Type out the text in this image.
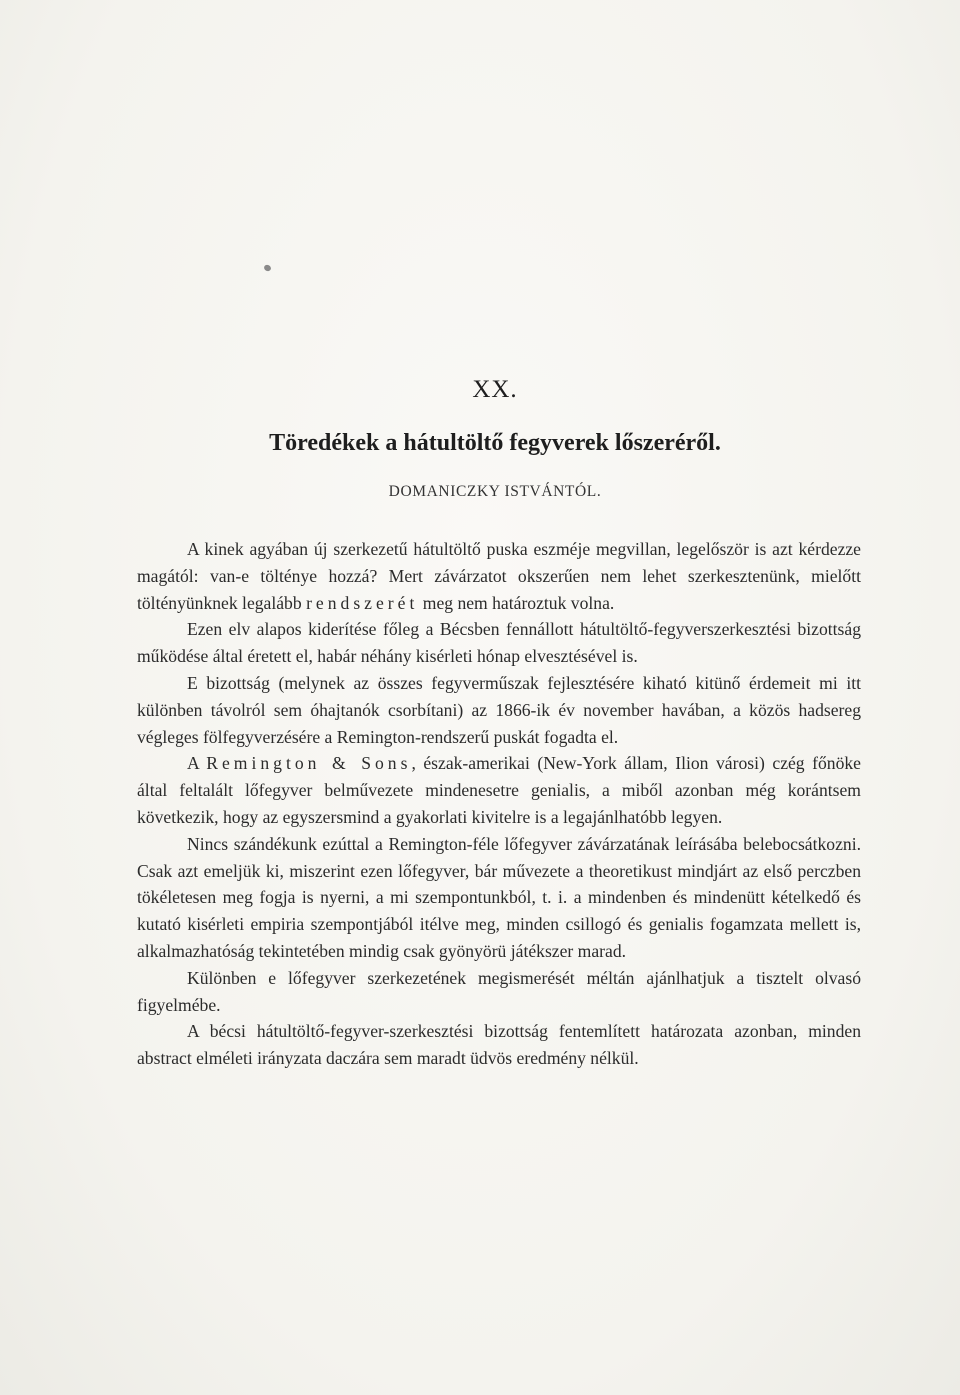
XX.
Töredékek a hátultöltő fegyverek lőszeréről.
DOMANICZKY ISTVÁNTÓL.

A kinek agyában új szerkezetű hátultöltő puska eszméje megvillan, legelőször is azt kérdezze magától: van-e tölténye hozzá? Mert závárzatot okszerűen nem lehet szerkesztenünk, mielőtt töltényünknek legalább rendszerét meg nem határoztuk volna.

Ezen elv alapos kiderítése főleg a Bécsben fennállott hátultöltő-fegyverszerkesztési bizottság működése által éretett el, habár néhány kisérleti hónap elvesztésével is.

E bizottság (melynek az összes fegyverműszak fejlesztésére kiható kitünő érdemeit mi itt különben távolról sem óhajtanók csorbítani) az 1866-ik év november havában, a közös hadsereg végleges fölfegyverzésére a Remington-rendszerű puskát fogadta el.

A Remington & Sons, észak-amerikai (New-York állam, Ilion városi) czég főnöke által feltalált lőfegyver belművezete mindenesetre genialis, a miből azonban még korántsem következik, hogy az egyszersmind a gyakorlati kivitelre is a legajánlhatóbb legyen.

Nincs szándékunk ezúttal a Remington-féle lőfegyver závárzatának leírásába belebocsátkozni. Csak azt emeljük ki, miszerint ezen lőfegyver, bár művezete a theoretikust mindjárt az első perczben tökéletesen meg fogja is nyerni, a mi szempontunkból, t. i. a mindenben és mindenütt kételkedő és kutató kisérleti empiria szempontjából itélve meg, minden csillogó és genialis fogamzata mellett is, alkalmazhatóság tekintetében mindig csak gyönyörü játékszer marad.

Különben e lőfegyver szerkezetének megismerését méltán ajánlhatjuk a tisztelt olvasó figyelmébe.

A bécsi hátultöltő-fegyver-szerkesztési bizottság fentemlített határozata azonban, minden abstract elméleti irányzata daczára sem maradt üdvös eredmény nélkül.
